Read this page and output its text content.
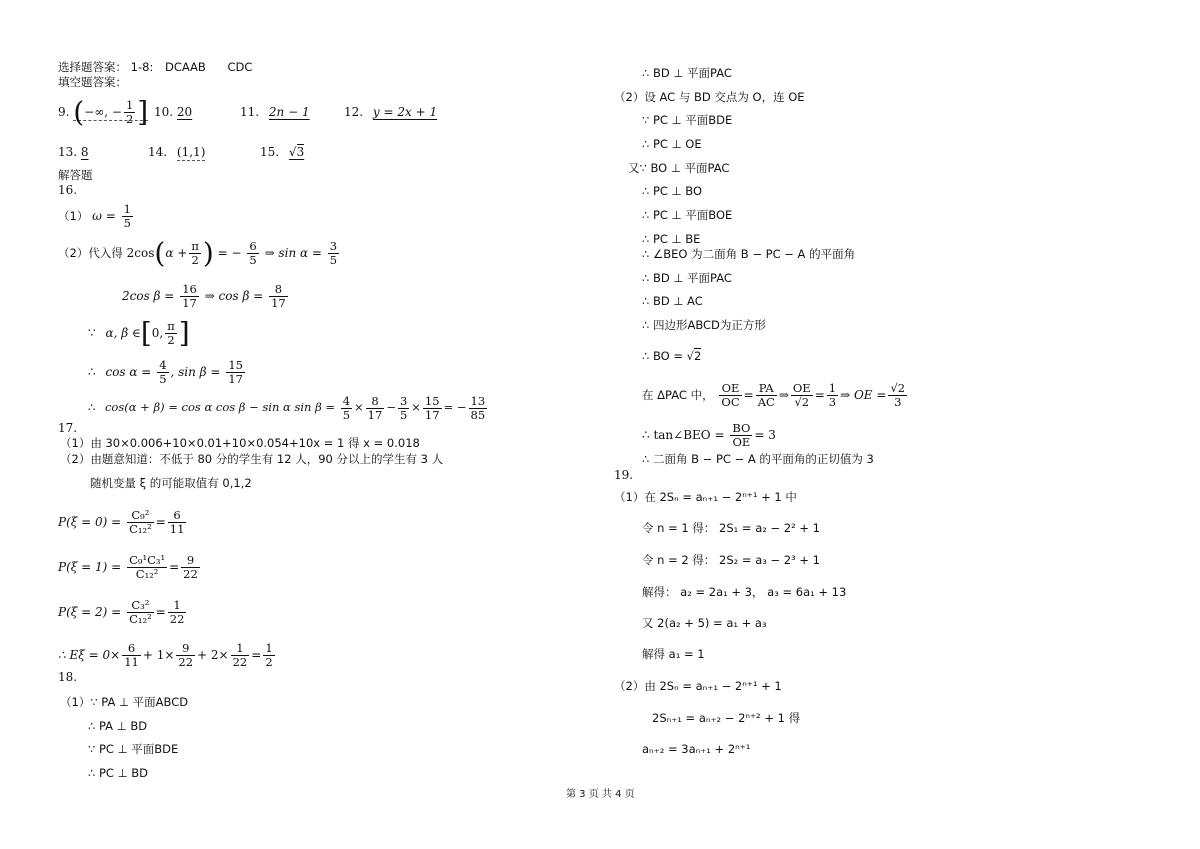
选择题答案： 1-8: DCAAB CDC
填空题答案：
9. (−∞, − $\frac{1}{2}$ ] 10. 20	11. 2n − 1	12. y = 2x + 1
13. 8	14. (1,1)	15. √3
解答题
16.
（1） $\omega = \frac{1}{5}$
（2）代入得 $2\cos(\alpha + \frac{\pi}{2}$ ) = − $\frac{6}{5}$ ⇒ $\sin \alpha = \frac{3}{5}$
2cos $\beta = \frac{16}{17}$ ⇒ $\cos \beta = \frac{8}{17}$
∵ α, β ∈[0, $\frac{\pi}{2}$ ]
∴ $\cos \alpha = \frac{4}{5}$ , $\sin \beta = \frac{15}{17}$
∴ cos(α + β) = cos α cos β − sin α $\sin \beta = \frac{4}{5} \times \frac{8}{17} - \frac{3}{5} \times \frac{15}{17}$ = − $\frac{13}{85}$
17.
（1）由 30×0.006+10×0.01+10×0.054+10x = 1 得 x = 0.018
（2）由题意知道：不低于 80 分的学生有 12 人，90 分以上的学生有 3 人
随机变量 ξ 的可能取值有 0,1,2
$P(\xi = 0) = \frac{\text{C₉²}}{\text{C₁₂²}} = \frac{6}{11}$
$P(\xi = 1) = \frac{\text{C₉¹C₃¹}}{\text{C₁₂²}} = \frac{9}{22}$
$P(\xi = 2) = \frac{\text{C₃²}}{\text{C₁₂²}} = \frac{1}{22}$
∴ $E\xi = 0\times \frac{6}{11} + 1\times \frac{9}{22} + 2\times \frac{1}{22} = \frac{1}{2}$
18.
（1）∵ PA ⊥ 平面ABCD
∴ PA ⊥ BD
∵ PC ⊥ 平面BDE
∴ PC ⊥ BD
∴ BD ⊥ 平面PAC
（2）设 AC 与 BD 交点为 O，连 OE
∵ PC ⊥ 平面BDE
∴ PC ⊥ OE
又∵ BO ⊥ 平面PAC
∴ PC ⊥ BO
∴ PC ⊥ 平面BOE
∴ PC ⊥ BE
∴ ∠BEO 为二面角 B − PC − A 的平面角
∴ BD ⊥ 平面PAC
∴ BD ⊥ AC
∴ 四边形ABCD为正方形
∴ BO = √2
在 ΔPAC 中， $\frac{OE}{OC} = \frac{PA}{AC}$ ⇒ $\frac{OE}{√2} = \frac{1}{3}$ ⇒ OE = $\frac{√2}{3}$
∴ tan∠BEO = $\frac{BO}{OE} = 3$
∴ 二面角 B − PC − A 的平面角的正切值为 3
19.
（1）在 2Sₙ = aₙ₊₁ − 2ⁿ⁺¹ + 1 中
令 n = 1 得： 2S₁ = a₂ − 2² + 1
令 n = 2 得： 2S₂ = a₃ − 2³ + 1
解得： a₂ = 2a₁ + 3， a₃ = 6a₁ + 13
又 2(a₂ + 5) = a₁ + a₃
解得 a₁ = 1
（2）由 2Sₙ = aₙ₊₁ − 2ⁿ⁺¹ + 1
2Sₙ₊₁ = aₙ₊₂ − 2ⁿ⁺² + 1 得
aₙ₊₂ = 3aₙ₊₁ + 2ⁿ⁺¹
第 3 页 共 4 页
